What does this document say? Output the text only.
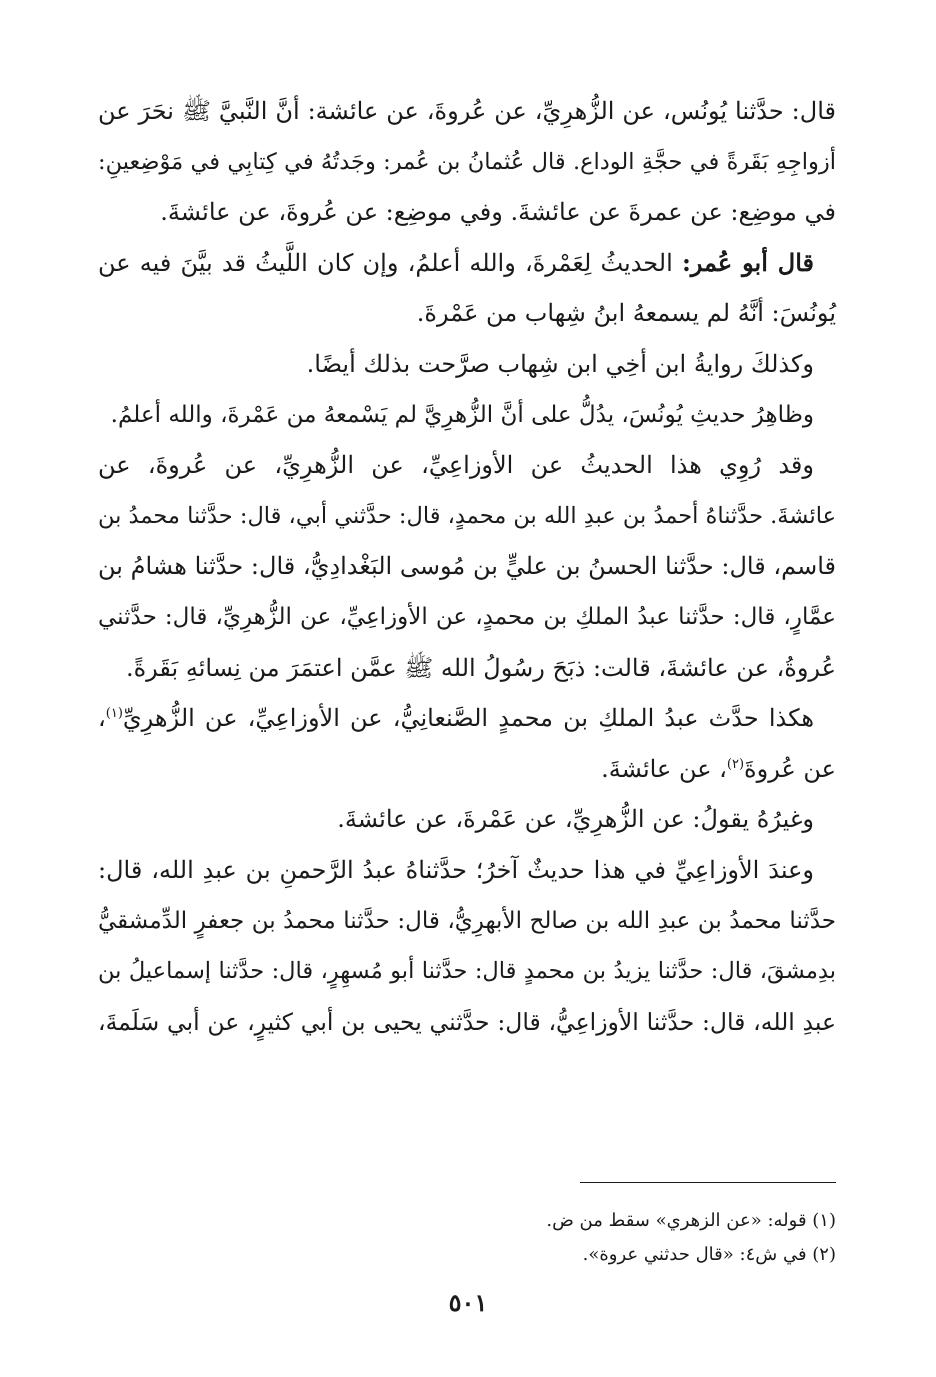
قال: حدَّثنا يُونُس، عن الزُّهرِيِّ، عن عُروةَ، عن عائشة: أنَّ النَّبيَّ ﷺ نحَرَ عن
أزواجِهِ بَقَرةً في حجَّةِ الوداع. قال عُثمانُ بن عُمر: وجَدتُهُ في كِتابِي في مَوْضِعينِ:
في موضِع: عن عمرةَ عن عائشةَ. وفي موضِع: عن عُروةَ، عن عائشةَ.
قال أبو عُمر: الحديثُ لِعَمْرةَ، والله أعلمُ، وإن كان اللَّيثُ قد بيَّنَ فيه عن
يُونُسَ: أنَّهُ لم يسمعهُ ابنُ شِهاب من عَمْرةَ.
وكذلكَ روايةُ ابن أخِي ابن شِهاب صرَّحت بذلك أيضًا.
وظاهِرُ حديثِ يُونُسَ، يدُلُّ على أنَّ الزُّهرِيَّ لم يَسْمعهُ من عَمْرةَ، والله أعلمُ.
وقد رُوِي هذا الحديثُ عن الأوزاعِيِّ، عن الزُّهرِيِّ، عن عُروةَ، عن
عائشةَ. حدَّثناهُ أحمدُ بن عبدِ الله بن محمدٍ، قال: حدَّثني أبي، قال: حدَّثنا محمدُ بن
قاسم، قال: حدَّثنا الحسنُ بن عليٍّ بن مُوسى البَغْدادِيُّ، قال: حدَّثنا هشامُ بن
عمَّارٍ، قال: حدَّثنا عبدُ الملكِ بن محمدٍ، عن الأوزاعِيِّ، عن الزُّهرِيِّ، قال: حدَّثني
عُروةُ، عن عائشةَ، قالت: ذبَحَ رسُولُ الله ﷺ عمَّن اعتمَرَ من نِسائهِ بَقَرةً.
هكذا حدَّث عبدُ الملكِ بن محمدٍ الصَّنعانِيُّ، عن الأوزاعِيِّ، عن الزُّهرِيِّ$^{(١)}$،
عن عُروةَ$^{(٢)}$، عن عائشةَ.
وغيرُهُ يقولُ: عن الزُّهرِيِّ، عن عَمْرةَ، عن عائشةَ.
وعندَ الأوزاعِيِّ في هذا حديثٌ آخرُ؛ حدَّثناهُ عبدُ الرَّحمنِ بن عبدِ الله، قال:
حدَّثنا محمدُ بن عبدِ الله بن صالح الأبهرِيُّ، قال: حدَّثنا محمدُ بن جعفرٍ الدِّمشقيُّ
بدِمشقَ، قال: حدَّثنا يزيدُ بن محمدٍ قال: حدَّثنا أبو مُسهِرٍ، قال: حدَّثنا إسماعيلُ بن
عبدِ الله، قال: حدَّثنا الأوزاعِيُّ، قال: حدَّثني يحيى بن أبي كثيرٍ، عن أبي سَلَمةَ،
(١) قوله: «عن الزهري» سقط من ض.
(٢) في ش٤: «قال حدثني عروة».
٥٠١
